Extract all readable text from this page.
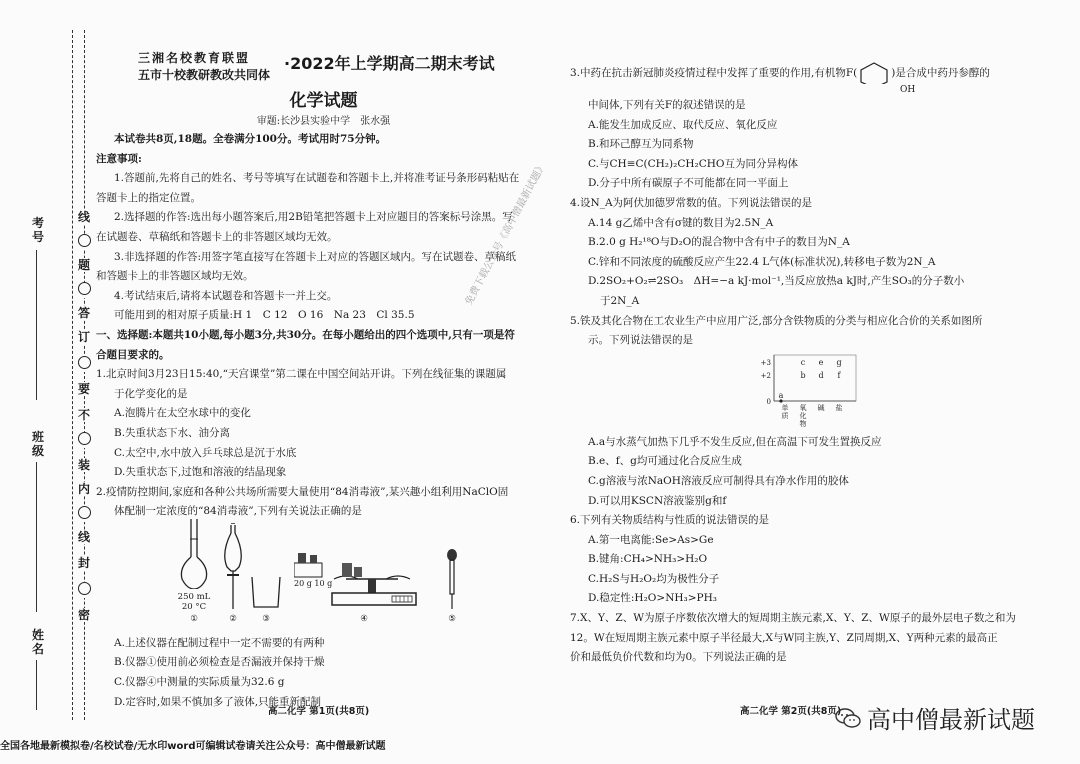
考号
班级
姓名
线
题
答
订
要
不
装
内
线
封
密

三湘名校教育联盟

五市十校教研教改共同体

·2022年上学期高二期末考试

化学试题

审题:长沙县实验中学　张水强

本试卷共8页,18题。全卷满分100分。考试用时75分钟。

注意事项:

1.答题前,先将自己的姓名、考号等填写在试题卷和答题卡上,并将准考证号条形码粘贴在

答题卡上的指定位置。

2.选择题的作答:选出每小题答案后,用2B铅笔把答题卡上对应题目的答案标号涂黑。写

在试题卷、草稿纸和答题卡上的非答题区域均无效。

3.非选择题的作答:用签字笔直接写在答题卡上对应的答题区域内。写在试题卷、草稿纸

和答题卡上的非答题区域均无效。

4.考试结束后,请将本试题卷和答题卡一并上交。

可能用到的相对原子质量:H 1　C 12　O 16　Na 23　Cl 35.5

一、选择题:本题共10小题,每小题3分,共30分。在每小题给出的四个选项中,只有一项是符

合题目要求的。

1.北京时间3月23日15:40,“天宫课堂”第二课在中国空间站开讲。下列在线征集的课题属

于化学变化的是

A.泡腾片在太空水球中的变化

B.失重状态下水、油分离

C.太空中,水中放入乒乓球总是沉于水底

D.失重状态下,过饱和溶液的结晶现象

2.疫情防控期间,家庭和各种公共场所需要大量使用“84消毒液”,某兴趣小组利用NaClO固

体配制一定浓度的“84消毒液”,下列有关说法正确的是

250 mL
20 °C
①	②	③
20 g 10 g
④	⑤

A.上述仪器在配制过程中一定不需要的有两种

B.仪器①使用前必须检查是否漏液并保持干燥

C.仪器④中测量的实际质量为32.6 g

D.定容时,如果不慎加多了液体,只能重新配制

3.中药在抗击新冠肺炎疫情过程中发挥了重要的作用,有机物F(	)是合成中药丹参醇的

OH

中间体,下列有关F的叙述错误的是

A.能发生加成反应、取代反应、氧化反应

B.和环己醇互为同系物

C.与CH≡C(CH₂)₂CH₂CHO互为同分异构体

D.分子中所有碳原子不可能都在同一平面上

4.设N_A为阿伏加德罗常数的值。下列说法错误的是

A.14 g乙烯中含有σ键的数目为2.5N_A

B.2.0 g H₂¹⁸O与D₂O的混合物中含有中子的数目为N_A

C.锌和不同浓度的硫酸反应产生22.4 L气体(标准状况),转移电子数为2N_A

D.2SO₂+O₂⇌2SO₃　ΔH=−a kJ·mol⁻¹,当反应放热a kJ时,产生SO₃的分子数小

于2N_A

5.铁及其化合物在工农业生产中应用广泛,部分含铁物质的分类与相应化合价的关系如图所

示。下列说法错误的是

+3
+2
0
单
质
氧
化
物
碱 盐
a
c e g
b d f

A.a与水蒸气加热下几乎不发生反应,但在高温下可发生置换反应

B.e、f、g均可通过化合反应生成

C.g溶液与浓NaOH溶液反应可制得具有净水作用的胶体

D.可以用KSCN溶液鉴别g和f

6.下列有关物质结构与性质的说法错误的是

A.第一电离能:Se>As>Ge

B.键角:CH₄>NH₃>H₂O

C.H₂S与H₂O₂均为极性分子

D.稳定性:H₂O>NH₃>PH₃

7.X、Y、Z、W为原子序数依次增大的短周期主族元素,X、Y、Z、W原子的最外层电子数之和为

12。W在短周期主族元素中原子半径最大,X与W同主族,Y、Z同周期,X、Y两种元素的最高正

价和最低负价代数和均为0。下列说法正确的是

免费下载公众号《高中僧最新试题》
高二化学 第1页(共8页)	高二化学 第2页(共8页) 高中僧最新试题
全国各地最新模拟卷/名校试卷/无水印word可编辑试卷请关注公众号：高中僧最新试题
